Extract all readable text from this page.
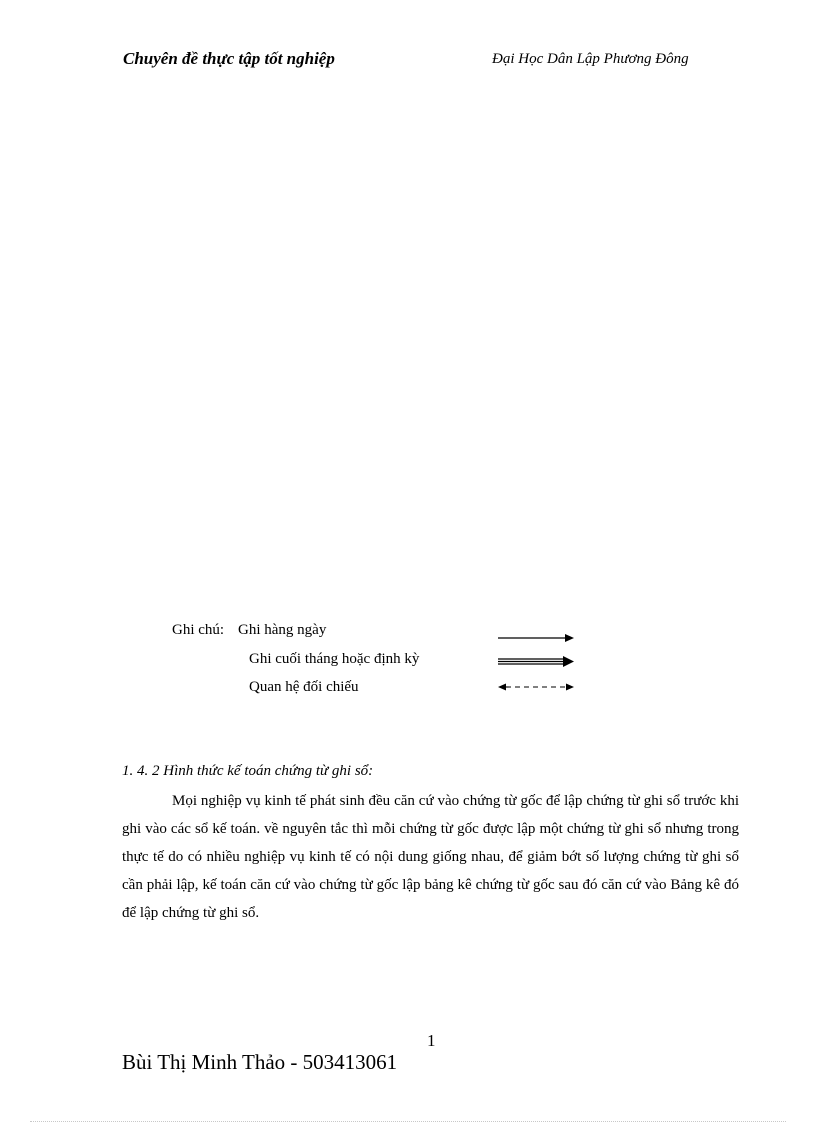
Chuyên đề thực tập tốt nghiệp	Đại Học Dân Lập Phương Đông
Ghi chú: Ghi hàng ngày
Ghi cuối tháng hoặc định kỳ
Quan hệ đối chiếu
1. 4. 2 Hình thức kế toán chứng từ ghi sổ:

Mọi nghiệp vụ kinh tế phát sinh đều căn cứ vào chứng từ gốc để lập chứng từ ghi sổ trước khi ghi vào các sổ kế toán. về nguyên tắc thì mỗi chứng từ gốc được lập một chứng từ ghi sổ nhưng trong thực tế do có nhiều nghiệp vụ kinh tế có nội dung giống nhau, để giảm bớt số lượng chứng từ ghi sổ cần phải lập, kế toán căn cứ vào chứng từ gốc lập bảng kê chứng từ gốc sau đó căn cứ vào Bảng kê đó để lập chứng từ ghi sổ.

1
Bùi Thị Minh Thảo - 503413061
